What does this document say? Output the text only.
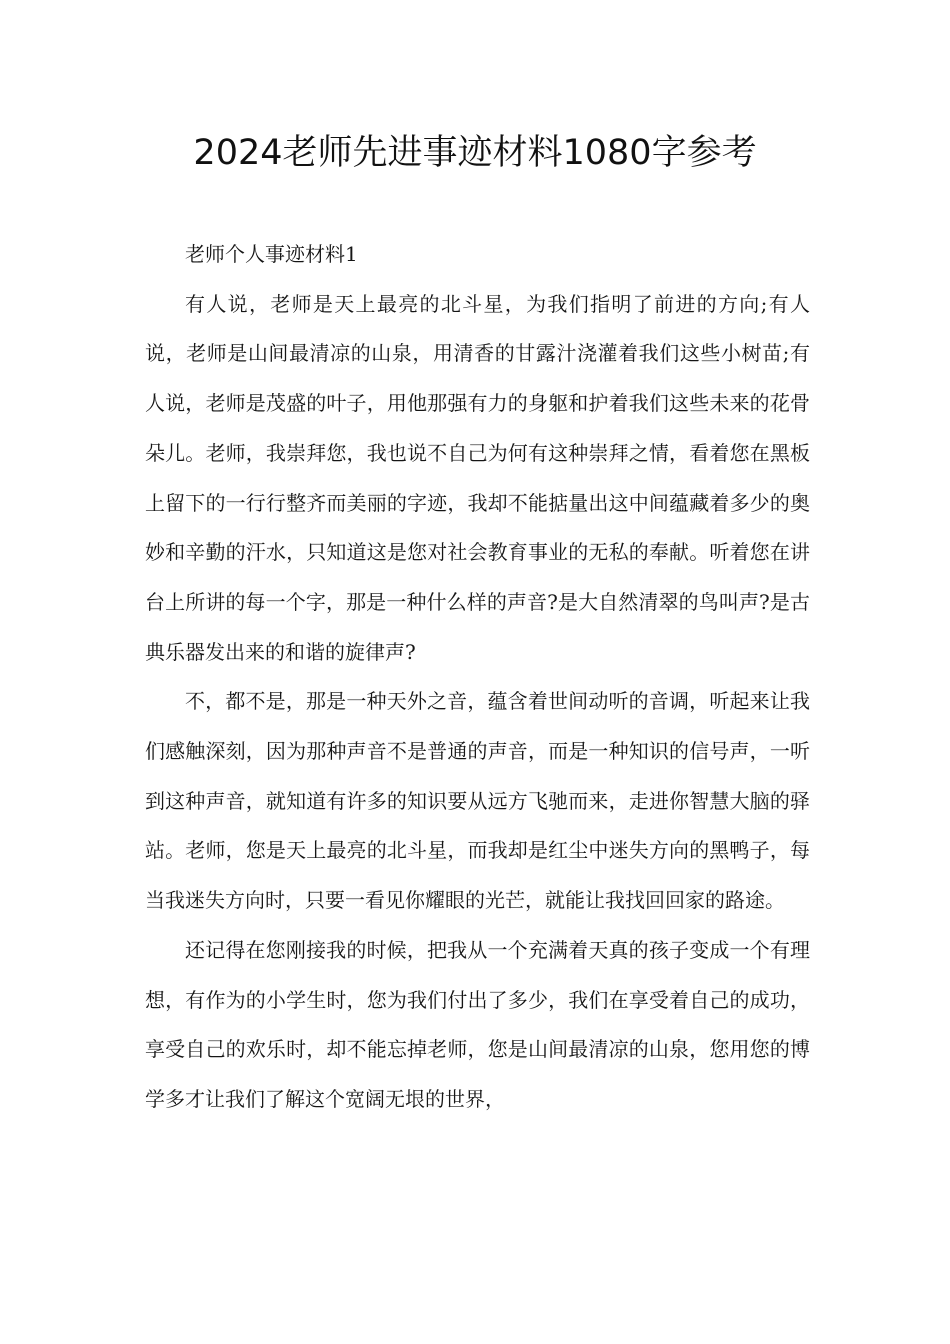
2024老师先进事迹材料1080字参考

老师个人事迹材料1

有人说，老师是天上最亮的北斗星，为我们指明了前进的方向;有人说，老师是山间最清凉的山泉，用清香的甘露汁浇灌着我们这些小树苗;有人说，老师是茂盛的叶子，用他那强有力的身躯和护着我们这些未来的花骨朵儿。老师，我崇拜您，我也说不自己为何有这种崇拜之情，看着您在黑板上留下的一行行整齐而美丽的字迹，我却不能掂量出这中间蕴藏着多少的奥妙和辛勤的汗水，只知道这是您对社会教育事业的无私的奉献。听着您在讲台上所讲的每一个字，那是一种什么样的声音?是大自然清翠的鸟叫声?是古典乐器发出来的和谐的旋律声?

不，都不是，那是一种天外之音，蕴含着世间动听的音调，听起来让我们感触深刻，因为那种声音不是普通的声音，而是一种知识的信号声，一听到这种声音，就知道有许多的知识要从远方飞驰而来，走进你智慧大脑的驿站。老师，您是天上最亮的北斗星，而我却是红尘中迷失方向的黑鸭子，每当我迷失方向时，只要一看见你耀眼的光芒，就能让我找回回家的路途。

还记得在您刚接我的时候，把我从一个充满着天真的孩子变成一个有理想，有作为的小学生时，您为我们付出了多少，我们在享受着自己的成功，享受自己的欢乐时，却不能忘掉老师，您是山间最清凉的山泉，您用您的博学多才让我们了解这个宽阔无垠的世界，
